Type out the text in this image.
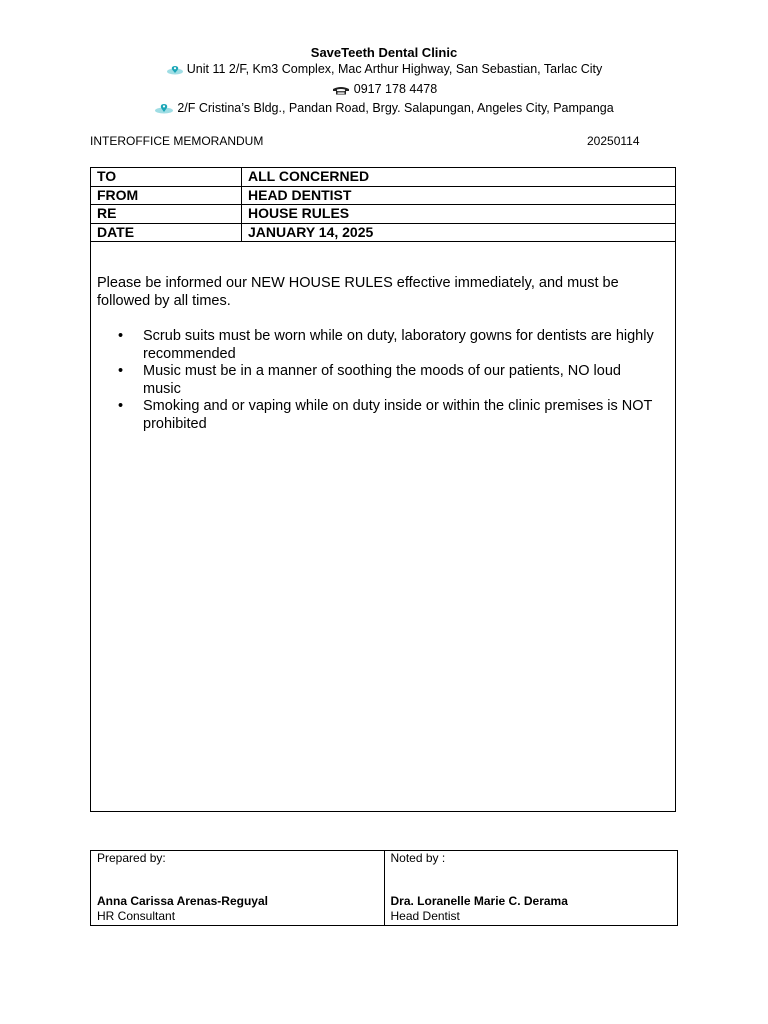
SaveTeeth Dental Clinic
Unit 11 2/F, Km3 Complex, Mac Arthur Highway, San Sebastian, Tarlac City
0917 178 4478
2/F Cristina’s Bldg., Pandan Road, Brgy. Salapungan, Angeles City, Pampanga
INTEROFFICE MEMORANDUM	20250114
TO	ALL CONCERNED
FROM	HEAD DENTIST
RE	HOUSE RULES
DATE	JANUARY 14, 2025
Please be informed our NEW HOUSE RULES effective immediately, and must be followed by all times.
• Scrub suits must be worn while on duty, laboratory gowns for dentists are highly recommended
• Music must be in a manner of soothing the moods of our patients, NO loud music
• Smoking and or vaping while on duty inside or within the clinic premises is NOT prohibited
Prepared by:
Anna Carissa Arenas-Reguyal
HR Consultant

Noted by :
Dra. Loranelle Marie C. Derama
Head Dentist
